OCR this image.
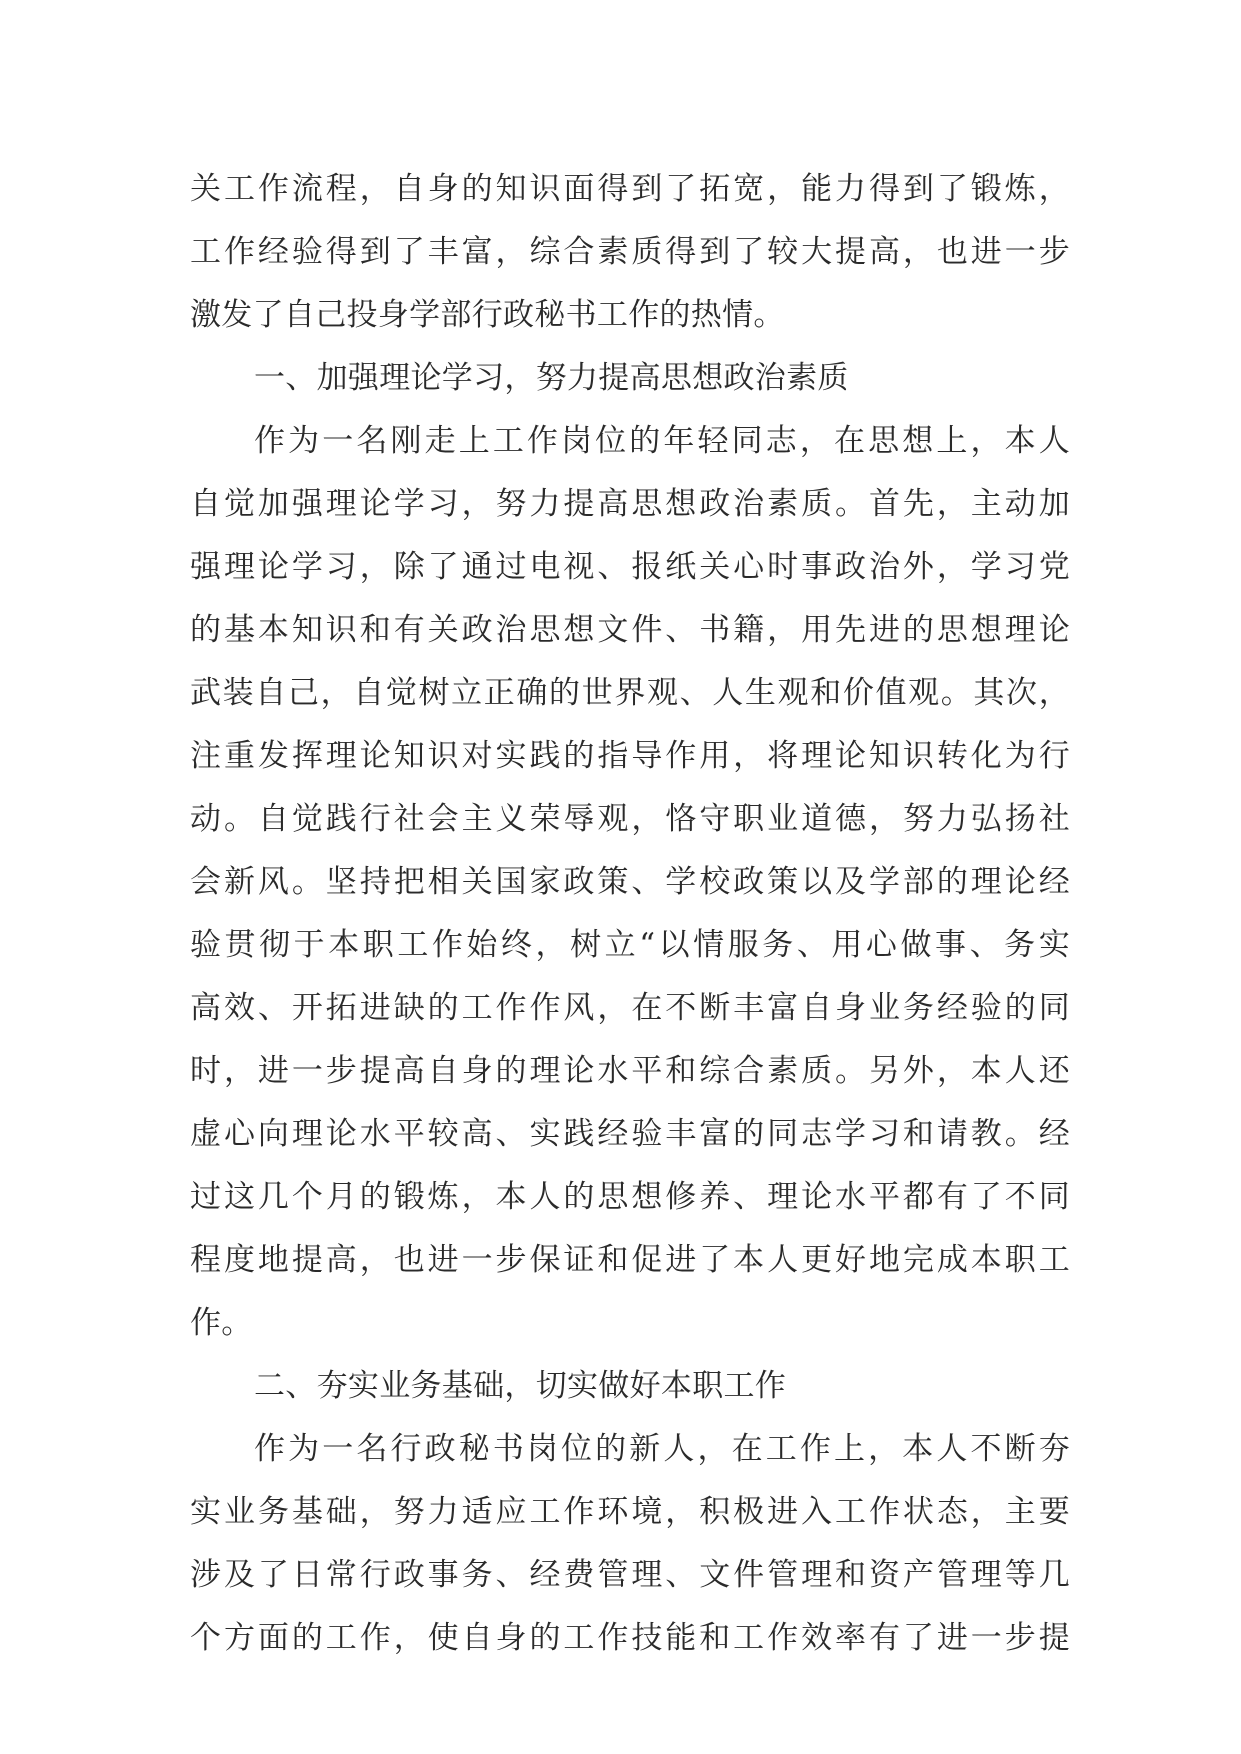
关工作流程，自身的知识面得到了拓宽，能力得到了锻炼，
工作经验得到了丰富，综合素质得到了较大提高，也进一步
激发了自己投身学部行政秘书工作的热情。
一、加强理论学习，努力提高思想政治素质
作为一名刚走上工作岗位的年轻同志，在思想上，本人
自觉加强理论学习，努力提高思想政治素质。首先，主动加
强理论学习，除了通过电视、报纸关心时事政治外，学习党
的基本知识和有关政治思想文件、书籍，用先进的思想理论
武装自己，自觉树立正确的世界观、人生观和价值观。其次，
注重发挥理论知识对实践的指导作用，将理论知识转化为行
动。自觉践行社会主义荣辱观，恪守职业道德，努力弘扬社
会新风。坚持把相关国家政策、学校政策以及学部的理论经
验贯彻于本职工作始终，树立“以情服务、用心做事、务实
高效、开拓进缺的工作作风，在不断丰富自身业务经验的同
时，进一步提高自身的理论水平和综合素质。另外，本人还
虚心向理论水平较高、实践经验丰富的同志学习和请教。经
过这几个月的锻炼，本人的思想修养、理论水平都有了不同
程度地提高，也进一步保证和促进了本人更好地完成本职工
作。
二、夯实业务基础，切实做好本职工作
作为一名行政秘书岗位的新人，在工作上，本人不断夯
实业务基础，努力适应工作环境，积极进入工作状态，主要
涉及了日常行政事务、经费管理、文件管理和资产管理等几
个方面的工作，使自身的工作技能和工作效率有了进一步提
